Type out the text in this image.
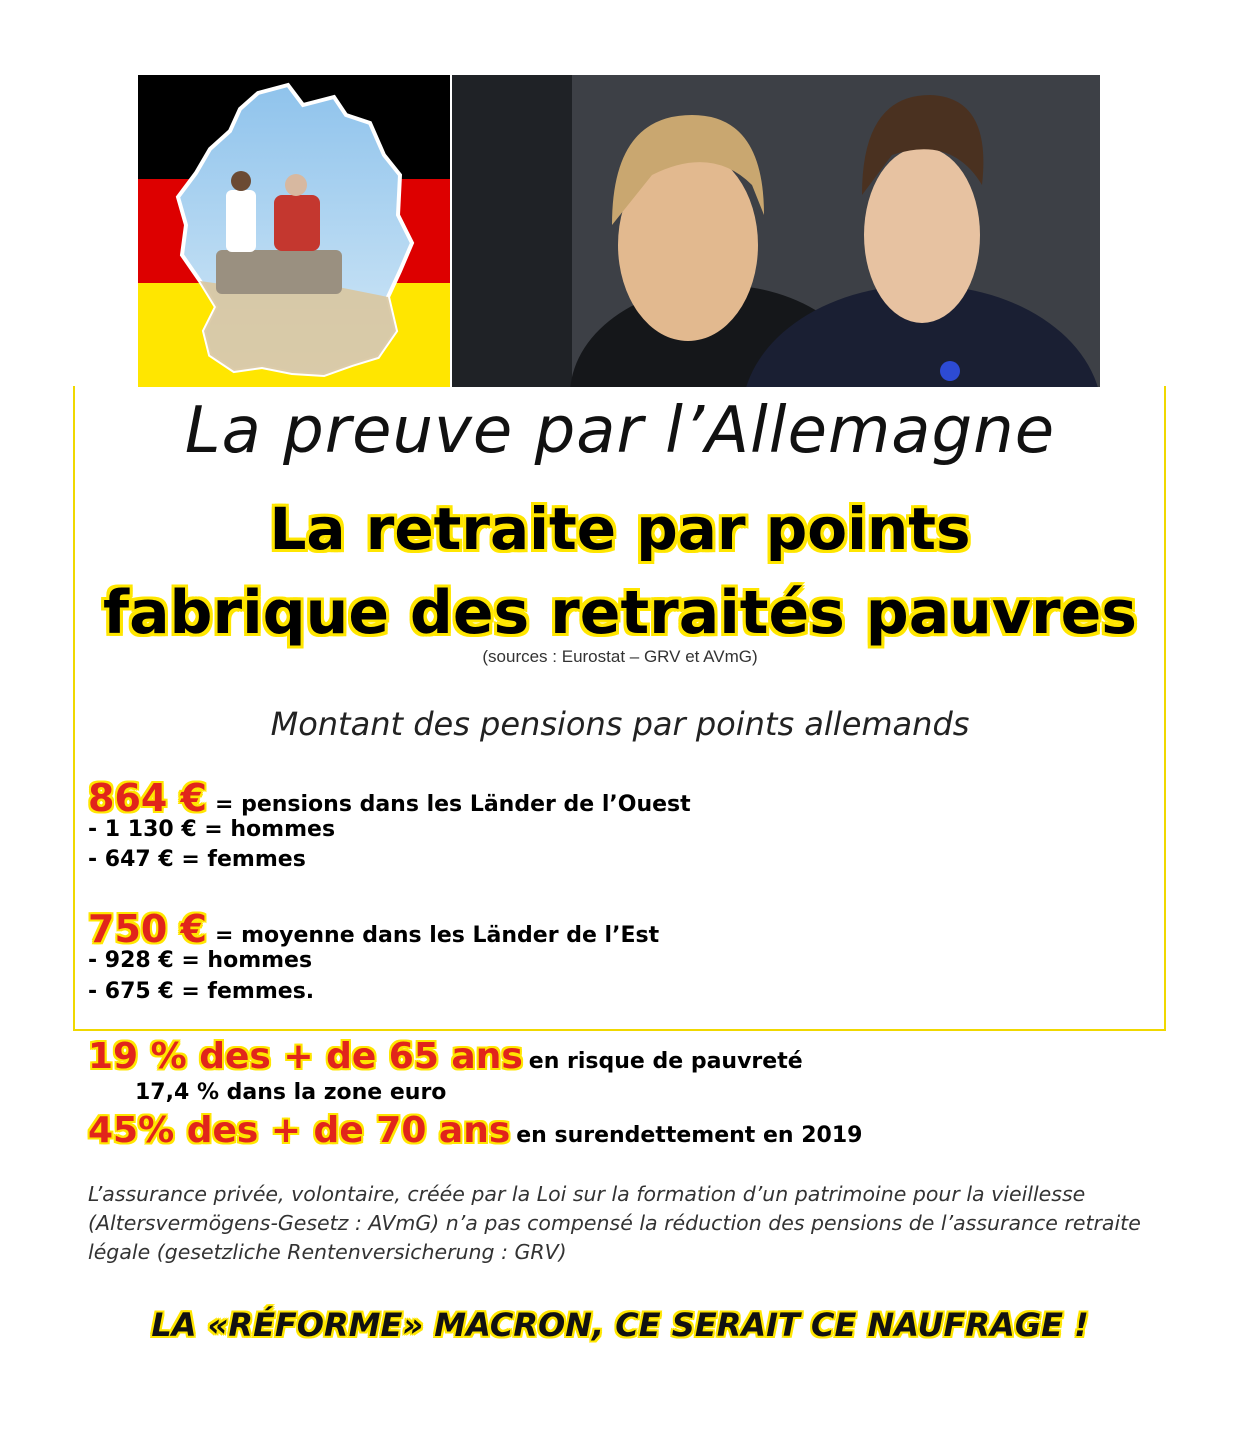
La preuve par l’Allemagne
La retraite par points
fabrique des retraités pauvres
(sources : Eurostat – GRV et AVmG)
Montant des pensions par points allemands
864 € = pensions dans les Länder de l’Ouest
- 1 130 € = hommes
- 647 € = femmes
750 € = moyenne dans les Länder de l’Est
- 928 € = hommes
- 675 € = femmes.
19 % des + de 65 ans en risque de pauvreté
17,4 % dans la zone euro
45% des + de 70 ans en surendettement en 2019
L’assurance privée, volontaire, créée par la Loi sur la formation d’un patrimoine pour la vieillesse (Altersvermögens-Gesetz : AVmG) n’a pas compensé la réduction des pensions de l’assurance retraite légale (gesetzliche Rentenversicherung : GRV)
LA «RÉFORME» MACRON, CE SERAIT CE NAUFRAGE !
